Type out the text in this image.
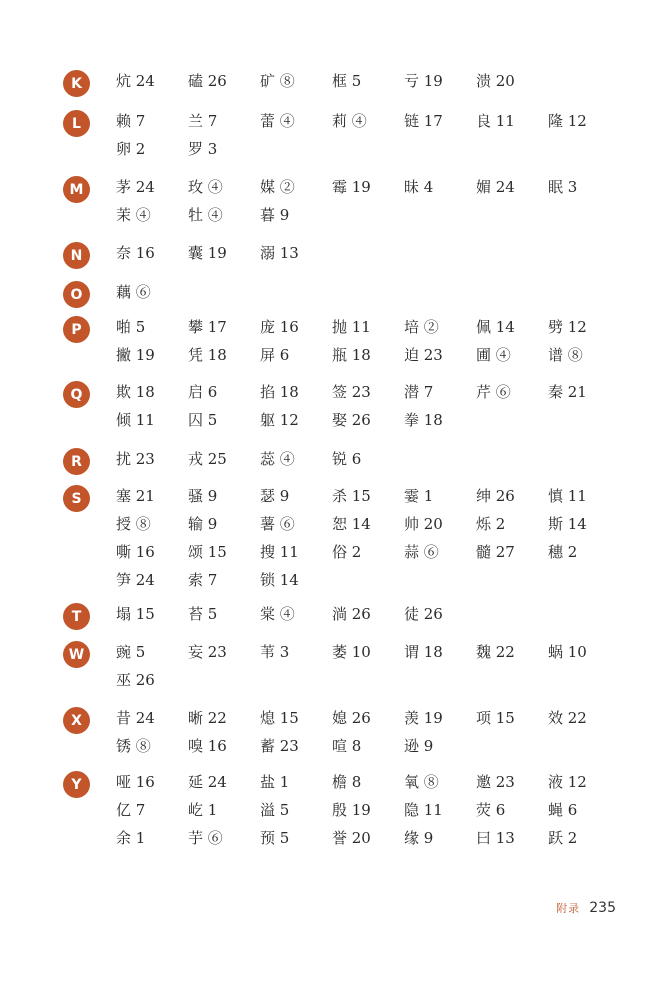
K	炕 24	磕 26	矿 ⑧	框 5	亏 19	溃 20
L	赖 7	兰 7	蕾 ④	莉 ④	链 17	良 11	隆 12
卵 2	罗 3
M	茅 24	玫 ④	媒 ②	霉 19	昧 4	媚 24	眠 3
茉 ④	牡 ④	暮 9
N	奈 16	囊 19	溺 13
O	藕 ⑥
P	啪 5	攀 17	庞 16	抛 11	培 ②	佩 14	劈 12
撇 19	凭 18	屏 6	瓶 18	迫 23	圃 ④	谱 ⑧
Q	欺 18	启 6	掐 18	签 23	潜 7	芹 ⑥	秦 21
倾 11	囚 5	躯 12	娶 26	拳 18
R	扰 23	戎 25	蕊 ④	锐 6
S	塞 21	骚 9	瑟 9	杀 15	霎 1	绅 26	慎 11
授 ⑧	输 9	薯 ⑥	恕 14	帅 20	烁 2	斯 14
嘶 16	颂 15	搜 11	俗 2	蒜 ⑥	髓 27	穗 2
笋 24	索 7	锁 14
T	塌 15	苔 5	棠 ④	淌 26	徒 26
W	豌 5	妄 23	苇 3	萎 10	谓 18	魏 22	蜗 10
巫 26
X	昔 24	晰 22	熄 15	媳 26	羡 19	项 15	效 22
锈 ⑧	嗅 16	蓄 23	喧 8	逊 9
Y	哑 16	延 24	盐 1	檐 8	氧 ⑧	邀 23	液 12
亿 7	屹 1	溢 5	殷 19	隐 11	荧 6	蝇 6
余 1	芋 ⑥	预 5	誉 20	缘 9	曰 13	跃 2
附录 235
